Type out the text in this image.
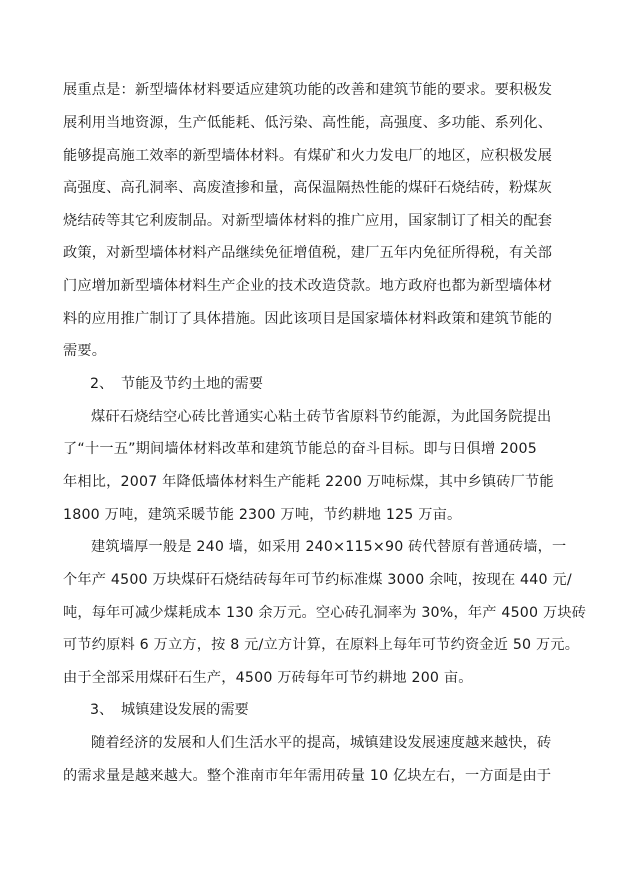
展重点是：新型墙体材料要适应建筑功能的改善和建筑节能的要求。要积极发
展利用当地资源，生产低能耗、低污染、高性能，高强度、多功能、系列化、
能够提高施工效率的新型墙体材料。有煤矿和火力发电厂的地区，应积极发展
高强度、高孔洞率、高废渣掺和量，高保温隔热性能的煤矸石烧结砖，粉煤灰
烧结砖等其它利废制品。对新型墙体材料的推广应用，国家制订了相关的配套
政策，对新型墙体材料产品继续免征增值税，建厂五年内免征所得税，有关部
门应增加新型墙体材料生产企业的技术改造贷款。地方政府也都为新型墙体材
料的应用推广制订了具体措施。因此该项目是国家墙体材料政策和建筑节能的
需要。
2、 节能及节约土地的需要
煤矸石烧结空心砖比普通实心粘土砖节省原料节约能源，为此国务院提出
了“十一五”期间墙体材料改革和建筑节能总的奋斗目标。即与日俱增 2005
年相比，2007 年降低墙体材料生产能耗 2200 万吨标煤，其中乡镇砖厂节能
1800 万吨，建筑采暖节能 2300 万吨，节约耕地 125 万亩。
建筑墙厚一般是 240 墙，如采用 240×115×90 砖代替原有普通砖墙，一
个年产 4500 万块煤矸石烧结砖每年可节约标准煤 3000 余吨，按现在 440 元/
吨，每年可减少煤耗成本 130 余万元。空心砖孔洞率为 30%，年产 4500 万块砖
可节约原料 6 万立方，按 8 元/立方计算，在原料上每年可节约资金近 50 万元。
由于全部采用煤矸石生产，4500 万砖每年可节约耕地 200 亩。
3、 城镇建设发展的需要
随着经济的发展和人们生活水平的提高，城镇建设发展速度越来越快，砖
的需求量是越来越大。整个淮南市年年需用砖量 10 亿块左右，一方面是由于
